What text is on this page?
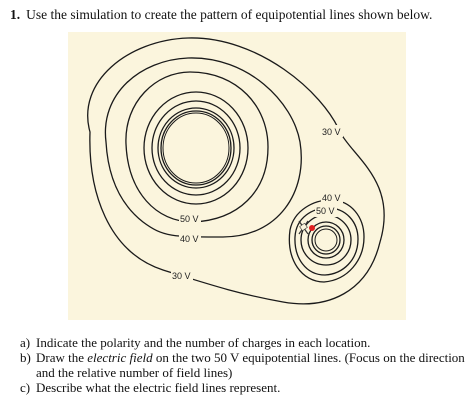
1. Use the simulation to create the pattern of equipotential lines shown below.
30 V
40 V
50 V
50 V
40 V
30 V
a) Indicate the polarity and the number of charges in each location.
b) Draw the electric field on the two 50 V equipotential lines. (Focus on the direction
and the relative number of field lines)
c) Describe what the electric field lines represent.
